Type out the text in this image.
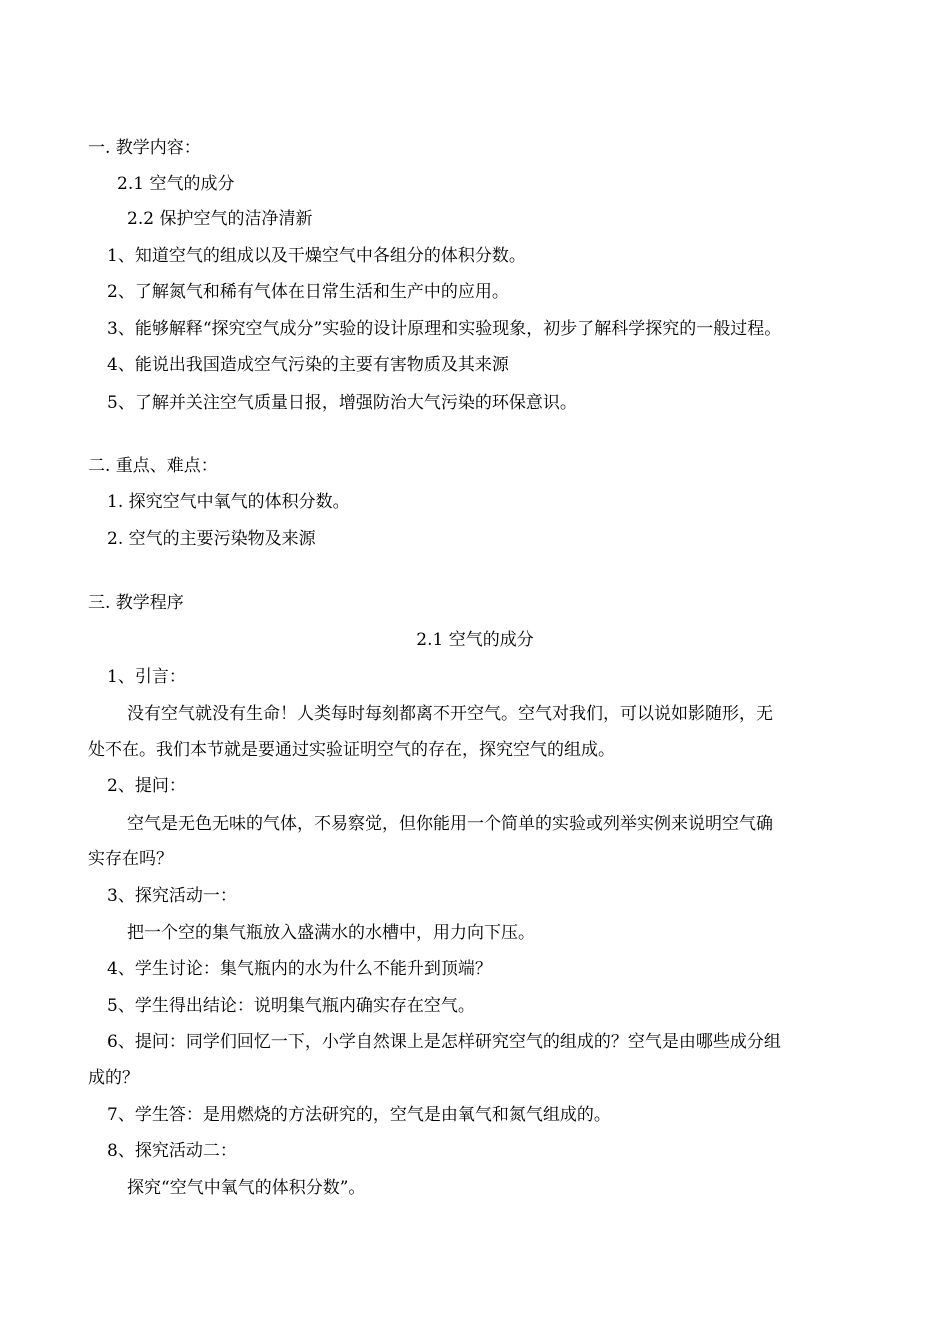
一. 教学内容：
2.1 空气的成分
2.2 保护空气的洁净清新
1、知道空气的组成以及干燥空气中各组分的体积分数。
2、了解氮气和稀有气体在日常生活和生产中的应用。
3、能够解释“探究空气成分”实验的设计原理和实验现象，初步了解科学探究的一般过程。
4、能说出我国造成空气污染的主要有害物质及其来源
5、了解并关注空气质量日报，增强防治大气污染的环保意识。
二. 重点、难点：
1. 探究空气中氧气的体积分数。
2. 空气的主要污染物及来源
三. 教学程序
2.1 空气的成分
1、引言：
没有空气就没有生命！人类每时每刻都离不开空气。空气对我们，可以说如影随形，无
处不在。我们本节就是要通过实验证明空气的存在，探究空气的组成。
2、提问：
空气是无色无味的气体，不易察觉，但你能用一个简单的实验或列举实例来说明空气确
实存在吗？
3、探究活动一：
把一个空的集气瓶放入盛满水的水槽中，用力向下压。
4、学生讨论：集气瓶内的水为什么不能升到顶端？
5、学生得出结论：说明集气瓶内确实存在空气。
6、提问：同学们回忆一下，小学自然课上是怎样研究空气的组成的？空气是由哪些成分组
成的？
7、学生答：是用燃烧的方法研究的，空气是由氧气和氮气组成的。
8、探究活动二：
探究“空气中氧气的体积分数”。
